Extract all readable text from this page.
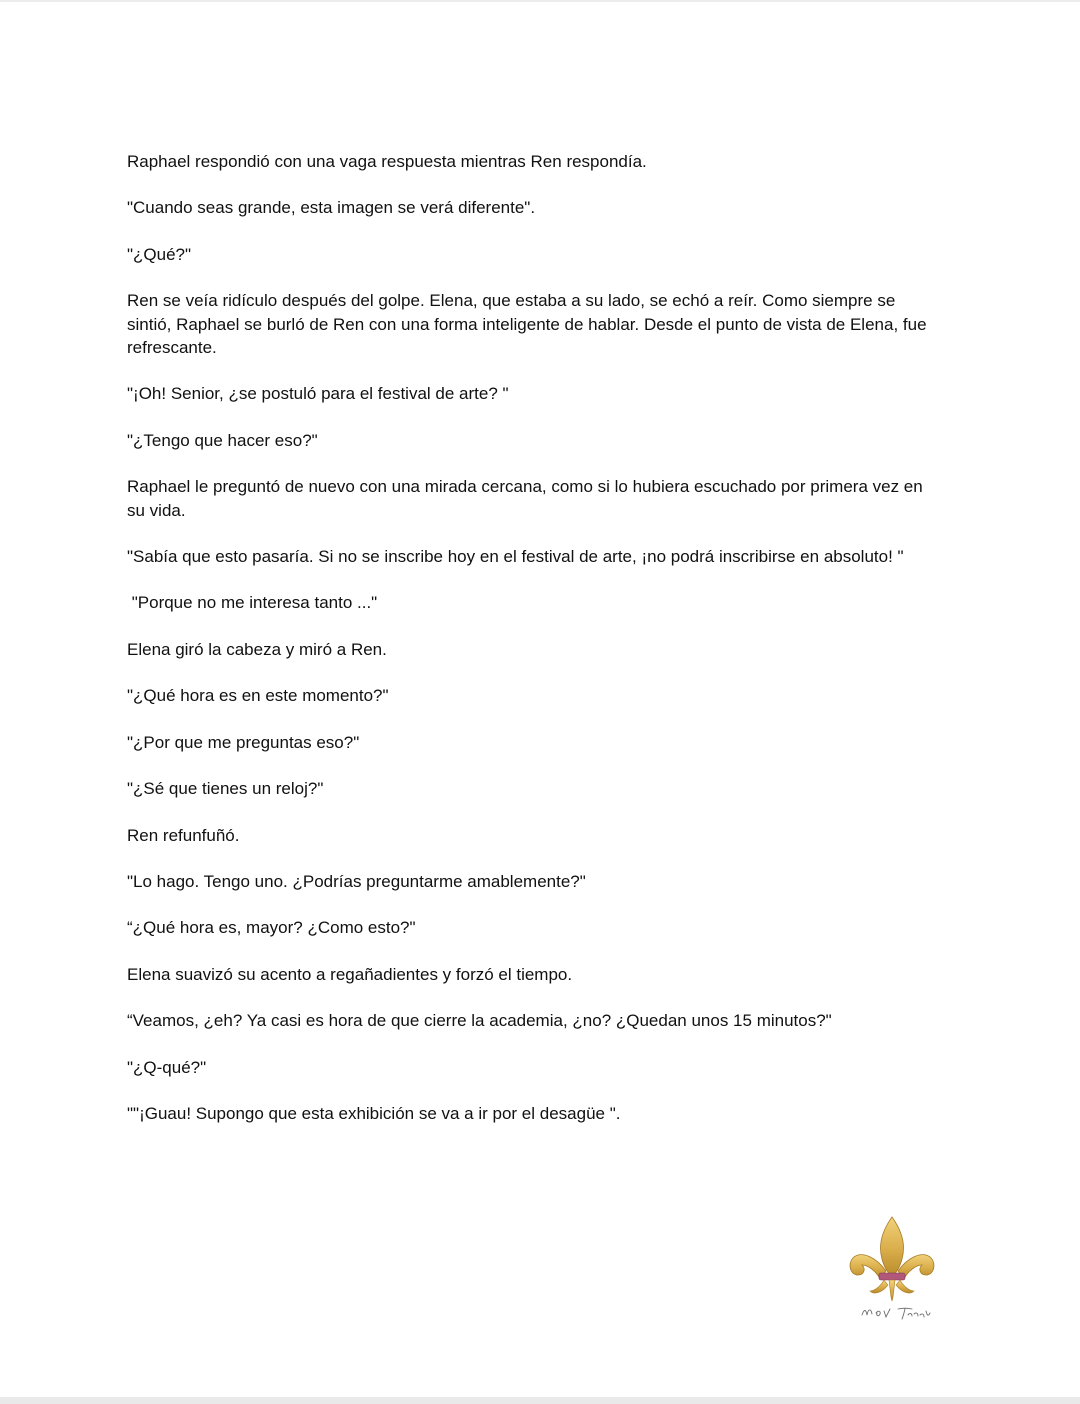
Raphael respondió con una vaga respuesta mientras Ren respondía.

"Cuando seas grande, esta imagen se verá diferente".

"¿Qué?"

Ren se veía ridículo después del golpe. Elena, que estaba a su lado, se echó a reír. Como siempre se sintió, Raphael se burló de Ren con una forma inteligente de hablar. Desde el punto de vista de Elena, fue refrescante.

"¡Oh! Senior, ¿se postuló para el festival de arte? "

"¿Tengo que hacer eso?"

Raphael le preguntó de nuevo con una mirada cercana, como si lo hubiera escuchado por primera vez en su vida.

"Sabía que esto pasaría. Si no se inscribe hoy en el festival de arte, ¡no podrá inscribirse en absoluto! "

"Porque no me interesa tanto ..."

Elena giró la cabeza y miró a Ren.

"¿Qué hora es en este momento?"

"¿Por que me preguntas eso?"

"¿Sé que tienes un reloj?"

Ren refunfuñó.

"Lo hago. Tengo uno. ¿Podrías preguntarme amablemente?"

“¿Qué hora es, mayor? ¿Como esto?"

Elena suavizó su acento a regañadientes y forzó el tiempo.

“Veamos, ¿eh? Ya casi es hora de que cierre la academia, ¿no? ¿Quedan unos 15 minutos?"

"¿Q-qué?"

""¡Guau! Supongo que esta exhibición se va a ir por el desagüe ".
